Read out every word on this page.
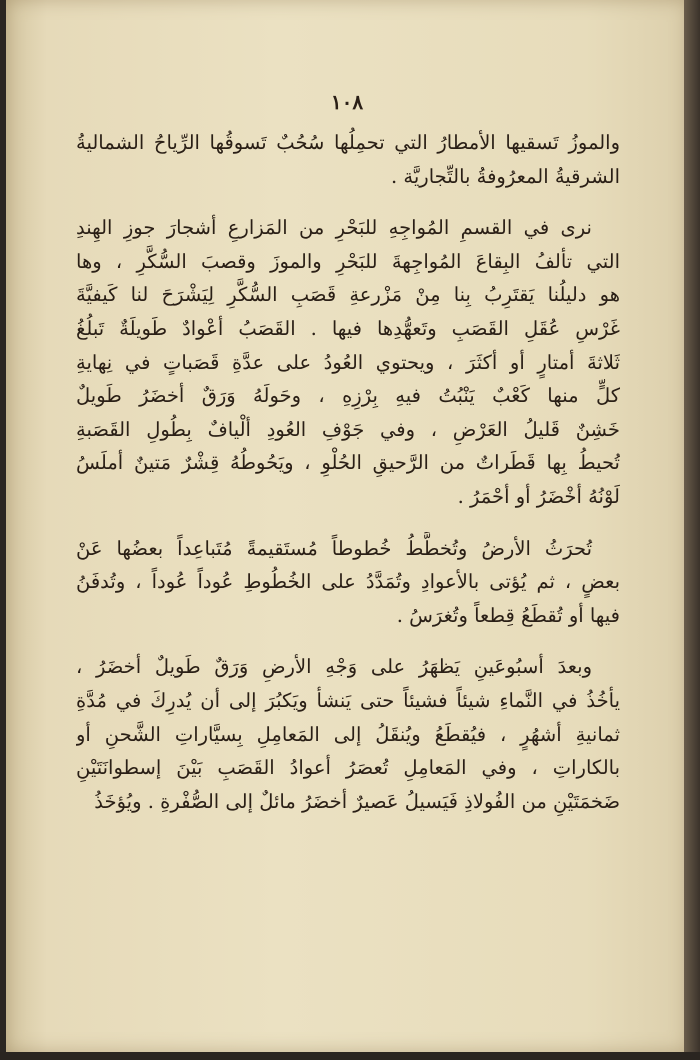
١٠٨
والموزُ تَسقيها الأمطارُ التي تحمِلُها سُحُبٌ تَسوقُها الرِّياحُ الشماليةُ
الشرقيةُ المعرُوفةُ بالتِّجاريَّة .
نرى في القسمِ المُواجِهِ للبَحْرِ من المَزارعِ أشجارَ جوزِ الهِندِ
التي تألفُ البِقاعَ المُواجِهةَ للبَحْرِ والموزَ وقصبَ السُّكَّرِ ، وها
هو دليلُنا يَقتَرِبُ بِنا مِنْ مَزْرعةِ قَصَبِ السُّكَّرِ لِيَشْرَحَ لنا كَيفيَّةَ
غَرْسِ عُقَلِ القَصَبِ وتَعهُّدِها فيها . القَصَبُ أعْوادٌ طَويلَةٌ تَبلُغُ
ثَلاثةَ أمتارٍ أو أكثَرَ ، ويحتوي العُودُ على عدَّةِ قَصَباتٍ في نِهايةِ
كلٍّ منها كَعْبٌ يَنْبُتُ فيهِ بِرْزِهِ ، وحَولَهُ وَرَقٌ أخضَرُ طَويلٌ
خَشِنٌ قَليلُ العَرْضِ ، وفي جَوْفِ العُودِ ألْيافٌ بِطُولِ القَصَبةِ
تُحيطُ بِها قَطَراتٌ من الرَّحيقِ الحُلْوِ ، ويَحُوطُهُ قِشْرٌ مَتينٌ أملَسُ
لَوْنُهُ أخْضَرُ أو أحْمَرُ .
تُحرَثُ الأرضُ وتُخطَّطُ خُطوطاً مُستَقيمةً مُتَباعِداً بعضُها عَنْ
بعضٍ ، ثم يُؤتى بالأعوادِ وتُمَدَّدُ على الخُطُوطِ عُوداً عُوداً ، وتُدفَنُ
فيها أو تُقطَعُ قِطعاً وتُغرَسُ .
وبعدَ أسبُوعَينِ يَظهَرُ على وَجْهِ الأرضِ وَرَقٌ طَويلٌ أخضَرُ ،
يأخُذُ في النَّماءِ شيئاً فشيئاً حتى يَنشأ ويَكبُرَ إلى أن يُدرِكَ في مُدَّةِ
ثمانيةِ أشهُرٍ ، فيُقطَعُ ويُنقَلُ إلى المَعامِلِ بِسيَّاراتِ الشَّحنِ أو
بالكاراتِ ، وفي المَعامِلِ تُعصَرُ أعوادُ القَصَبِ بَيْنَ إسطوانَتَيْنِ
ضَخمَتَيْنِ من الفُولاذِ فَيَسيلُ عَصيرٌ أخضَرُ مائلٌ إلى الصُّفْرةِ . ويُؤخَذُ
